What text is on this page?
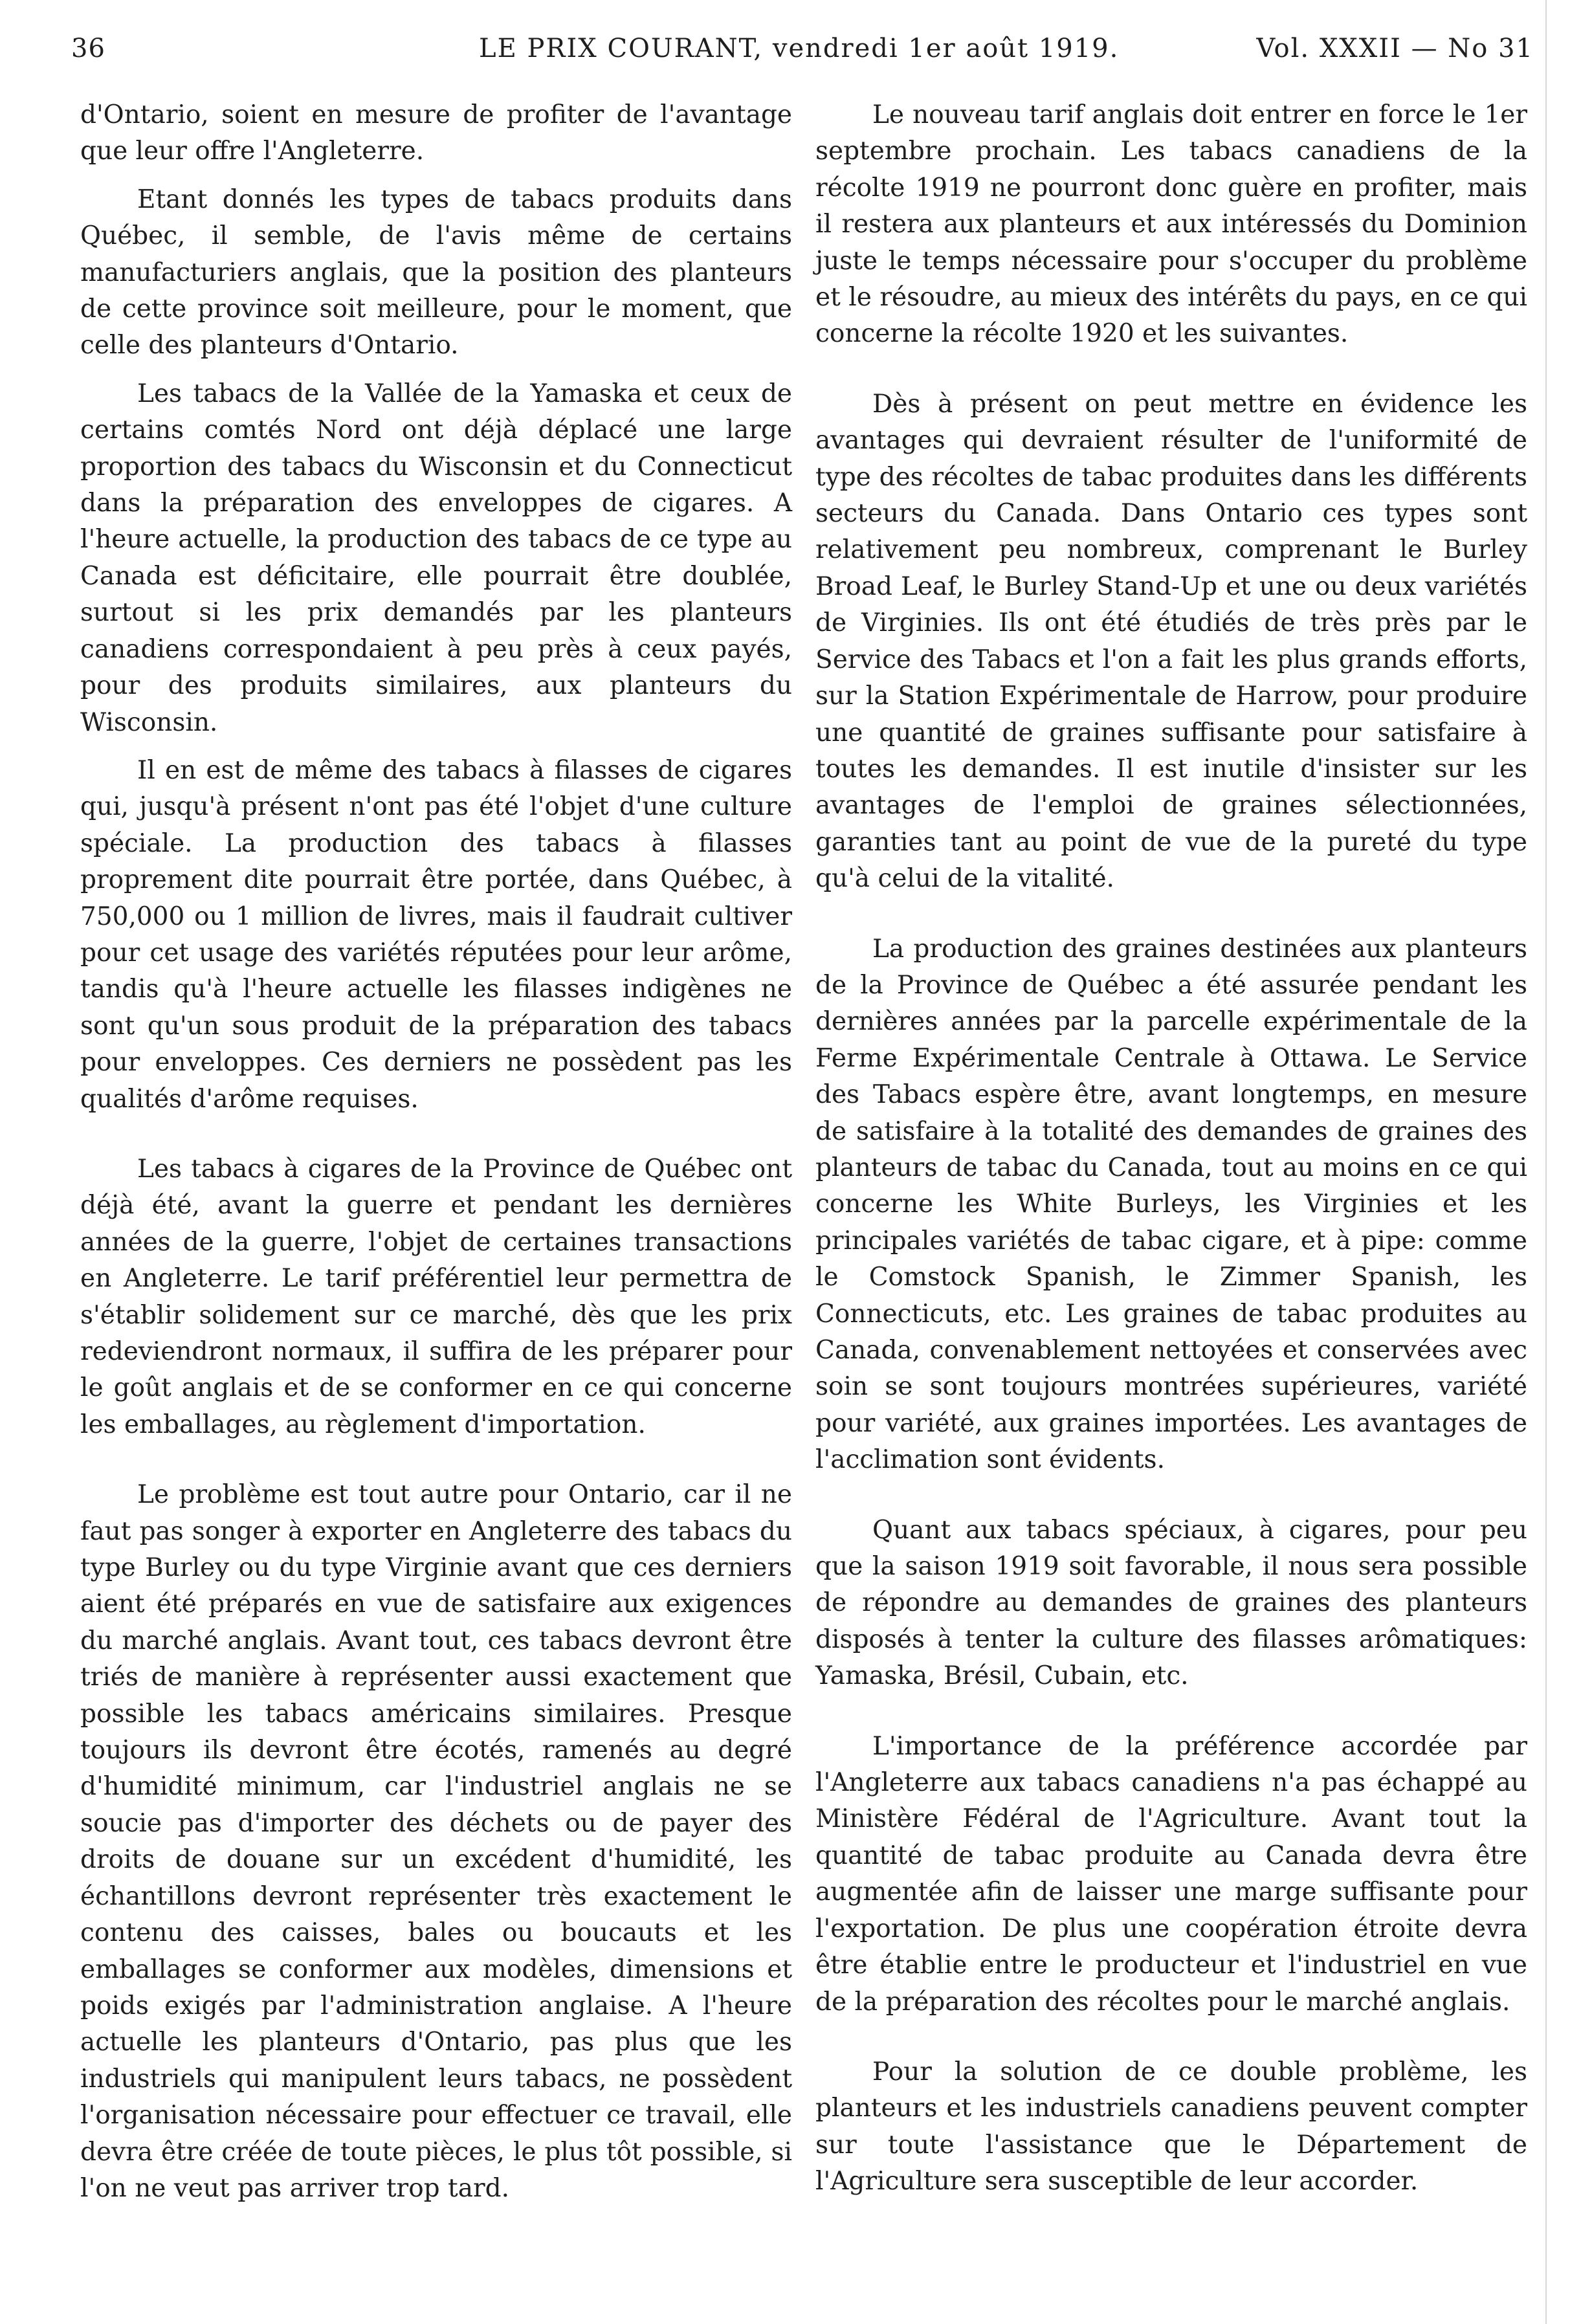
36	LE PRIX COURANT, vendredi 1er août 1919.	Vol. XXXII — No 31

d'Ontario, soient en mesure de profiter de l'avantage que leur offre l'Angleterre.

Etant donnés les types de tabacs produits dans Québec, il semble, de l'avis même de certains manufacturiers anglais, que la position des planteurs de cette province soit meilleure, pour le moment, que celle des planteurs d'Ontario.

Les tabacs de la Vallée de la Yamaska et ceux de certains comtés Nord ont déjà déplacé une large proportion des tabacs du Wisconsin et du Connecticut dans la préparation des enveloppes de cigares. A l'heure actuelle, la production des tabacs de ce type au Canada est déficitaire, elle pourrait être doublée, surtout si les prix demandés par les planteurs canadiens correspondaient à peu près à ceux payés, pour des produits similaires, aux planteurs du Wisconsin.

Il en est de même des tabacs à filasses de cigares qui, jusqu'à présent n'ont pas été l'objet d'une culture spéciale. La production des tabacs à filasses proprement dite pourrait être portée, dans Québec, à 750,000 ou 1 million de livres, mais il faudrait cultiver pour cet usage des variétés réputées pour leur arôme, tandis qu'à l'heure actuelle les filasses indigènes ne sont qu'un sous produit de la préparation des tabacs pour enveloppes. Ces derniers ne possèdent pas les qualités d'arôme requises.

Les tabacs à cigares de la Province de Québec ont déjà été, avant la guerre et pendant les dernières années de la guerre, l'objet de certaines transactions en Angleterre. Le tarif préférentiel leur permettra de s'établir solidement sur ce marché, dès que les prix redeviendront normaux, il suffira de les préparer pour le goût anglais et de se conformer en ce qui concerne les emballages, au règlement d'importation.

Le problème est tout autre pour Ontario, car il ne faut pas songer à exporter en Angleterre des tabacs du type Burley ou du type Virginie avant que ces derniers aient été préparés en vue de satisfaire aux exigences du marché anglais. Avant tout, ces tabacs devront être triés de manière à représenter aussi exactement que possible les tabacs américains similaires. Presque toujours ils devront être écotés, ramenés au degré d'humidité minimum, car l'industriel anglais ne se soucie pas d'importer des déchets ou de payer des droits de douane sur un excédent d'humidité, les échantillons devront représenter très exactement le contenu des caisses, bales ou boucauts et les emballages se conformer aux modèles, dimensions et poids exigés par l'administration anglaise. A l'heure actuelle les planteurs d'Ontario, pas plus que les industriels qui manipulent leurs tabacs, ne possèdent l'organisation nécessaire pour effectuer ce travail, elle devra être créée de toute pièces, le plus tôt possible, si l'on ne veut pas arriver trop tard.

Le nouveau tarif anglais doit entrer en force le 1er septembre prochain. Les tabacs canadiens de la récolte 1919 ne pourront donc guère en profiter, mais il restera aux planteurs et aux intéressés du Dominion juste le temps nécessaire pour s'occuper du problème et le résoudre, au mieux des intérêts du pays, en ce qui concerne la récolte 1920 et les suivantes.

Dès à présent on peut mettre en évidence les avantages qui devraient résulter de l'uniformité de type des récoltes de tabac produites dans les différents secteurs du Canada. Dans Ontario ces types sont relativement peu nombreux, comprenant le Burley Broad Leaf, le Burley Stand-Up et une ou deux variétés de Virginies. Ils ont été étudiés de très près par le Service des Tabacs et l'on a fait les plus grands efforts, sur la Station Expérimentale de Harrow, pour produire une quantité de graines suffisante pour satisfaire à toutes les demandes. Il est inutile d'insister sur les avantages de l'emploi de graines sélectionnées, garanties tant au point de vue de la pureté du type qu'à celui de la vitalité.

La production des graines destinées aux planteurs de la Province de Québec a été assurée pendant les dernières années par la parcelle expérimentale de la Ferme Expérimentale Centrale à Ottawa. Le Service des Tabacs espère être, avant longtemps, en mesure de satisfaire à la totalité des demandes de graines des planteurs de tabac du Canada, tout au moins en ce qui concerne les White Burleys, les Virginies et les principales variétés de tabac cigare, et à pipe: comme le Comstock Spanish, le Zimmer Spanish, les Connecticuts, etc. Les graines de tabac produites au Canada, convenablement nettoyées et conservées avec soin se sont toujours montrées supérieures, variété pour variété, aux graines importées. Les avantages de l'acclimation sont évidents.

Quant aux tabacs spéciaux, à cigares, pour peu que la saison 1919 soit favorable, il nous sera possible de répondre au demandes de graines des planteurs disposés à tenter la culture des filasses arômatiques: Yamaska, Brésil, Cubain, etc.

L'importance de la préférence accordée par l'Angleterre aux tabacs canadiens n'a pas échappé au Ministère Fédéral de l'Agriculture. Avant tout la quantité de tabac produite au Canada devra être augmentée afin de laisser une marge suffisante pour l'exportation. De plus une coopération étroite devra être établie entre le producteur et l'industriel en vue de la préparation des récoltes pour le marché anglais.

Pour la solution de ce double problème, les planteurs et les industriels canadiens peuvent compter sur toute l'assistance que le Département de l'Agriculture sera susceptible de leur accorder.
